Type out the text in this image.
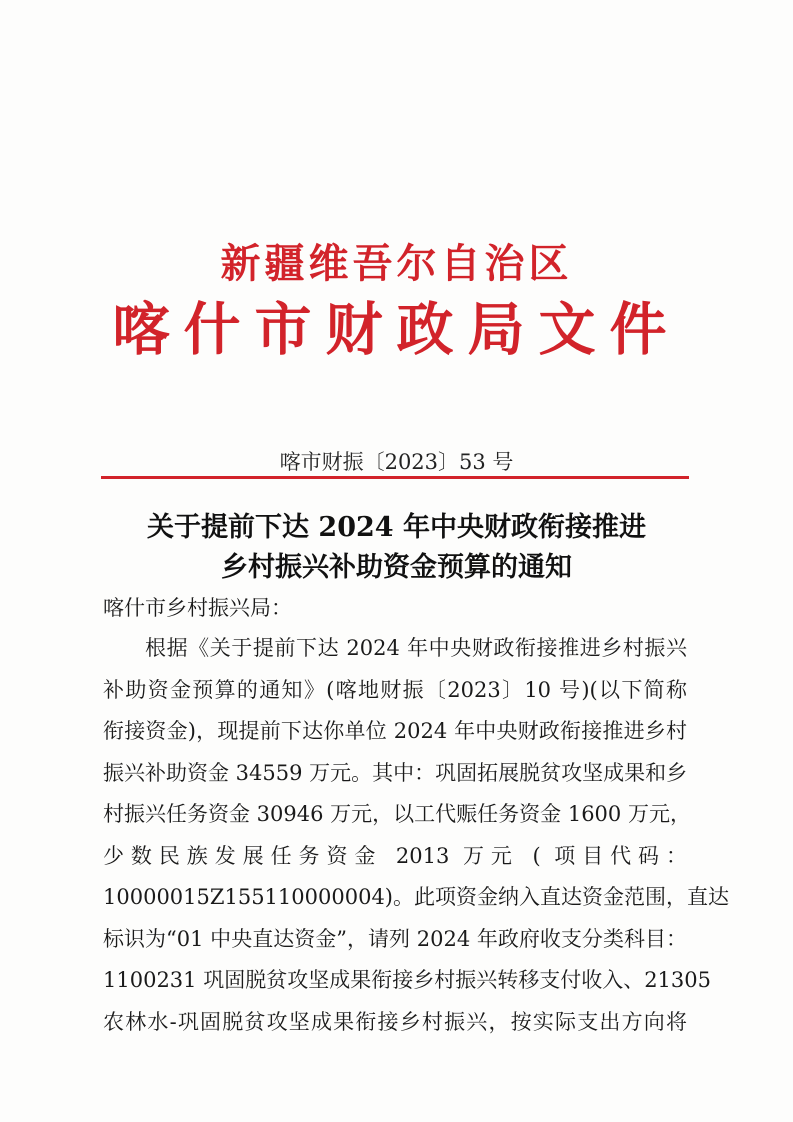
新疆维吾尔自治区
喀什市财政局文件
喀市财振〔2023〕53 号
关于提前下达 2024 年中央财政衔接推进
乡村振兴补助资金预算的通知
喀什市乡村振兴局：
根据《关于提前下达 2024 年中央财政衔接推进乡村振兴
补助资金预算的通知》(喀地财振〔2023〕10 号)(以下简称
衔接资金)，现提前下达你单位 2024 年中央财政衔接推进乡村
振兴补助资金 34559 万元。其中：巩固拓展脱贫攻坚成果和乡
村振兴任务资金 30946 万元，以工代赈任务资金 1600 万元，
少数民族发展任务资金 2013 万元 ( 项目代码：
10000015Z155110000004)。此项资金纳入直达资金范围，直达
标识为“01 中央直达资金”，请列 2024 年政府收支分类科目：
1100231 巩固脱贫攻坚成果衔接乡村振兴转移支付收入、21305
农林水-巩固脱贫攻坚成果衔接乡村振兴，按实际支出方向将
